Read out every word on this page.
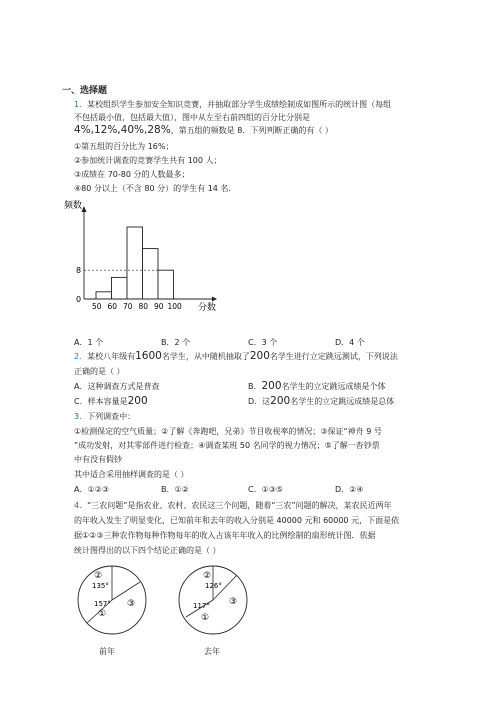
一、选择题
1．某校组织学生参加安全知识竞赛，并抽取部分学生成绩绘制成如图所示的统计图（每组
不包括最小值，包括最大值），图中从左至右前四组的百分比分别是
4%,12%,40%,28%，第五组的频数是 8．下列判断正确的有（ ）
①第五组的百分比为 16%；
②参加统计调查的竞赛学生共有 100 人；
③成绩在 70-80 分的人数最多；
④80 分以上（不含 80 分）的学生有 14 名．
0
8
50 60 70 80 90 100
频数
分数
A．1 个	B．2 个	C．3 个	D．4 个
2．某校八年级有1600名学生，从中随机抽取了200名学生进行立定跳远测试，下列说法
正确的是（ ）
A．这种调查方式是普查	B．200名学生的立定跳远成绩是个体
C．样本容量是200	D．这200名学生的立定跳远成绩是总体
3．下列调查中：
①检测保定的空气质量；②了解《奔跑吧，兄弟》节目收视率的情况；③保证“神舟 9 号
”成功发射，对其零部件进行检查；④调查某班 50 名同学的视力情况；⑤了解一沓钞票
中有没有假钞
其中适合采用抽样调查的是（ ）
A．①②③	B．①②	C．①③⑤	D．②④
4．“三农问题”是指农业、农村、农民这三个问题，随着“三农”问题的解决，某农民近两年
的年收入发生了明显变化，已知前年和去年的收入分别是 40000 元和 60000 元，下面是依
据①②③三种农作物每种作物每年的收入占该年年收入的比例绘制的扇形统计图．依据
统计图得出的以下四个结论正确的是（ ）
②
135°
157°
①
③
前年
②
126°
117°
①
③
去年
